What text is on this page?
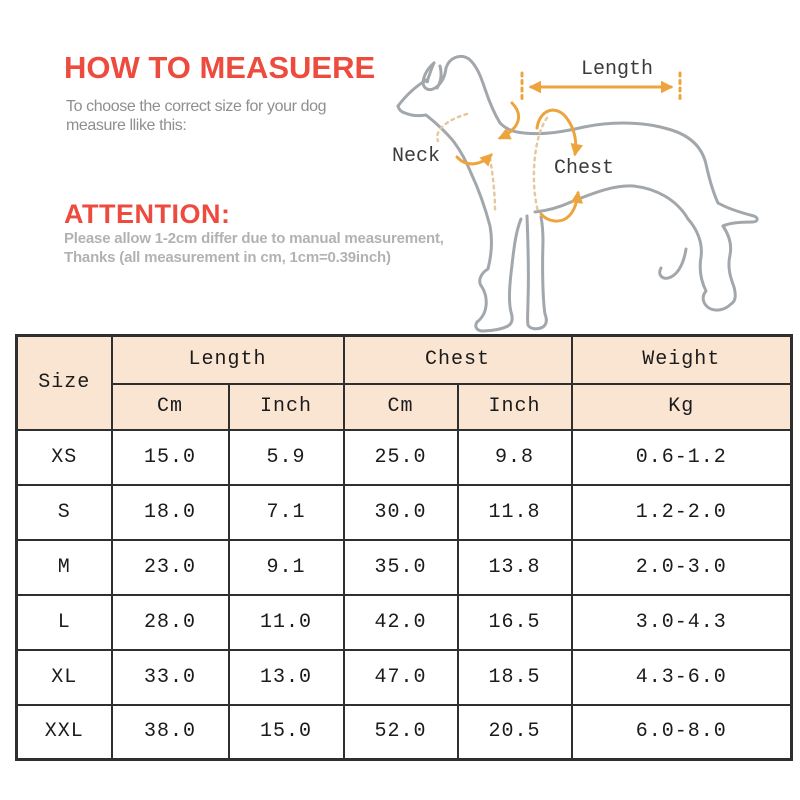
HOW TO MEASUERE
To choose the correct size for your dog
measure llike this:
ATTENTION:
Please allow 1-2cm differ due to manual measurement,
Thanks (all measurement in cm, 1cm=0.39inch)
Length
Neck
Chest
Size	Length		Chest		Weight
	Cm	Inch	Cm	Inch	Kg
XS	15.0	5.9	25.0	9.8	0.6-1.2
S	18.0	7.1	30.0	11.8	1.2-2.0
M	23.0	9.1	35.0	13.8	2.0-3.0
L	28.0	11.0	42.0	16.5	3.0-4.3
XL	33.0	13.0	47.0	18.5	4.3-6.0
XXL	38.0	15.0	52.0	20.5	6.0-8.0
